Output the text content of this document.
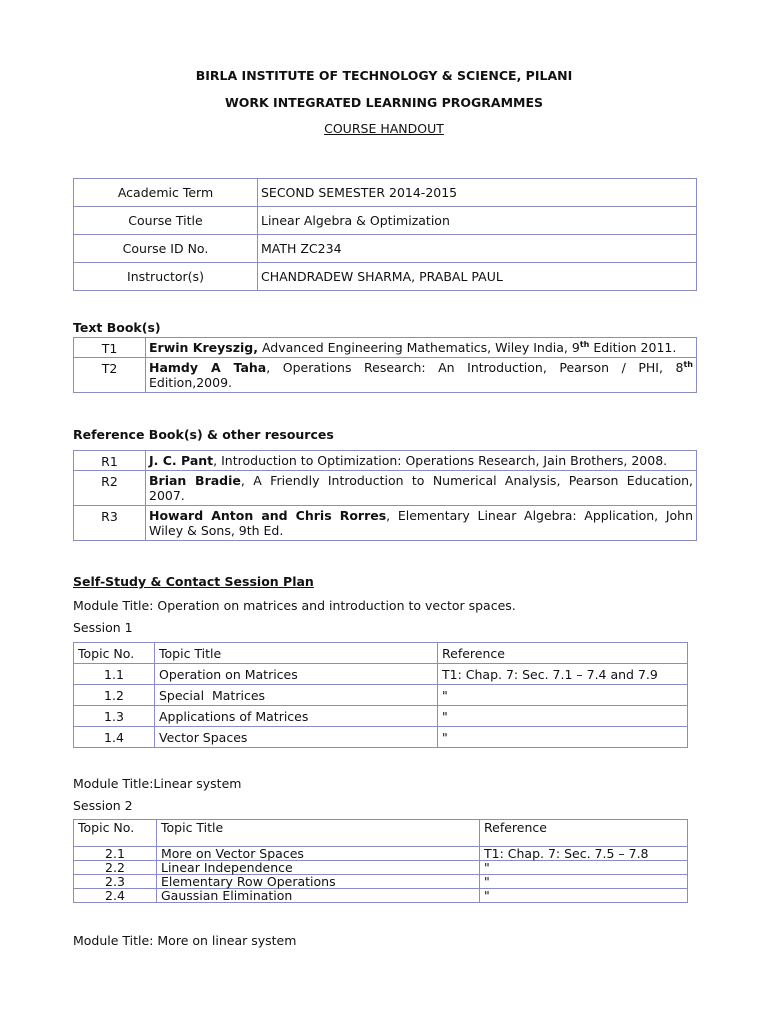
BIRLA INSTITUTE OF TECHNOLOGY & SCIENCE, PILANI
WORK INTEGRATED LEARNING PROGRAMMES
COURSE HANDOUT
Academic Term	SECOND SEMESTER 2014-2015
Course Title	Linear Algebra & Optimization
Course ID No.	MATH ZC234
Instructor(s)	CHANDRADEW SHARMA, PRABAL PAUL
Text Book(s)
T1	Erwin Kreyszig, Advanced Engineering Mathematics, Wiley India, 9th Edition 2011.
T2	Hamdy A Taha, Operations Research: An Introduction, Pearson / PHI, 8th Edition,2009.
Reference Book(s) & other resources
R1	J. C. Pant, Introduction to Optimization: Operations Research, Jain Brothers, 2008.
R2	Brian Bradie, A Friendly Introduction to Numerical Analysis, Pearson Education, 2007.
R3	Howard Anton and Chris Rorres, Elementary Linear Algebra: Application, John Wiley & Sons, 9th Ed.
Self-Study & Contact Session Plan
Module Title: Operation on matrices and introduction to vector spaces.
Session 1
Topic No.	Topic Title	Reference
1.1	Operation on Matrices	T1: Chap. 7: Sec. 7.1 – 7.4 and 7.9
1.2	Special  Matrices	"
1.3	Applications of Matrices	"
1.4	Vector Spaces	"
Module Title:Linear system
Session 2
Topic No.	Topic Title	Reference
2.1	More on Vector Spaces	T1: Chap. 7: Sec. 7.5 – 7.8
2.2	Linear Independence	"
2.3	Elementary Row Operations	"
2.4	Gaussian Elimination	"
Module Title: More on linear system
